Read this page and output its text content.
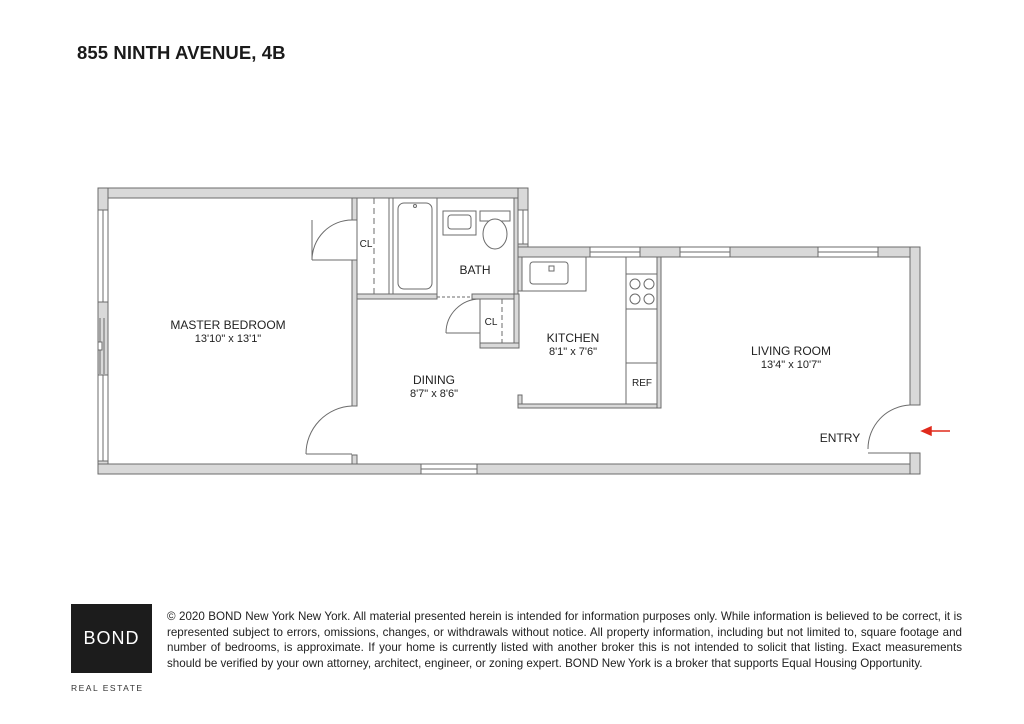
855 NINTH AVENUE, 4B
MASTER BEDROOM
13'10" x 13'1"
DINING
8'7" x 8'6"
KITCHEN
8'1" x 7'6"	LIVING ROOM
13'4" x 10'7"
BATH
CL
CL
REF
ENTRY
BOND
REAL ESTATE
© 2020 BOND New York New York. All material presented herein is intended for information purposes only. While information is believed to be correct, it is represented subject to errors, omissions, changes, or withdrawals without notice. All property information, including but not limited to, square footage and number of bedrooms, is approximate. If your home is currently listed with another broker this is not intended to solicit that listing. Exact measurements should be verified by your own attorney, architect, engineer, or zoning expert. BOND New York is a broker that supports Equal Housing Opportunity.
